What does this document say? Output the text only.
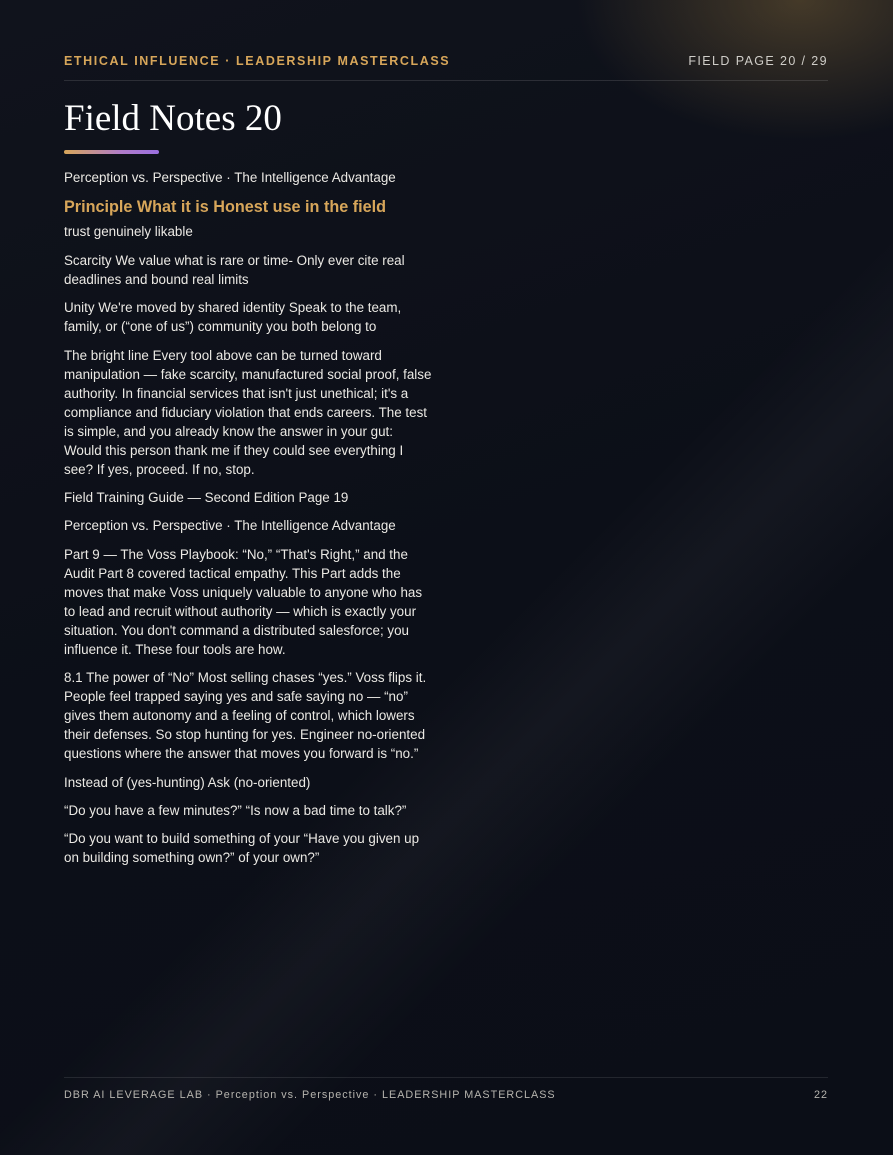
ETHICAL INFLUENCE · LEADERSHIP MASTERCLASS	FIELD PAGE 20 / 29
Field Notes 20

Perception vs. Perspective · The Intelligence Advantage

Principle What it is Honest use in the field

trust genuinely likable

Scarcity We value what is rare or time- Only ever cite real deadlines and bound real limits

Unity We're moved by shared identity Speak to the team, family, or (“one of us”) community you both belong to

The bright line Every tool above can be turned toward manipulation — fake scarcity, manufactured social proof, false authority. In financial services that isn't just unethical; it's a compliance and fiduciary violation that ends careers. The test is simple, and you already know the answer in your gut: Would this person thank me if they could see everything I see? If yes, proceed. If no, stop.

Field Training Guide — Second Edition Page 19

Perception vs. Perspective · The Intelligence Advantage

Part 9 — The Voss Playbook: “No,” “That's Right,” and the Audit Part 8 covered tactical empathy. This Part adds the moves that make Voss uniquely valuable to anyone who has to lead and recruit without authority — which is exactly your situation. You don't command a distributed salesforce; you influence it. These four tools are how.

8.1 The power of “No” Most selling chases “yes.” Voss flips it. People feel trapped saying yes and safe saying no — “no” gives them autonomy and a feeling of control, which lowers their defenses. So stop hunting for yes. Engineer no-oriented questions where the answer that moves you forward is “no.”

Instead of (yes-hunting) Ask (no-oriented)

“Do you have a few minutes?” “Is now a bad time to talk?”

“Do you want to build something of your “Have you given up on building something own?” of your own?”

DBR AI LEVERAGE LAB · Perception vs. Perspective · LEADERSHIP MASTERCLASS	22
